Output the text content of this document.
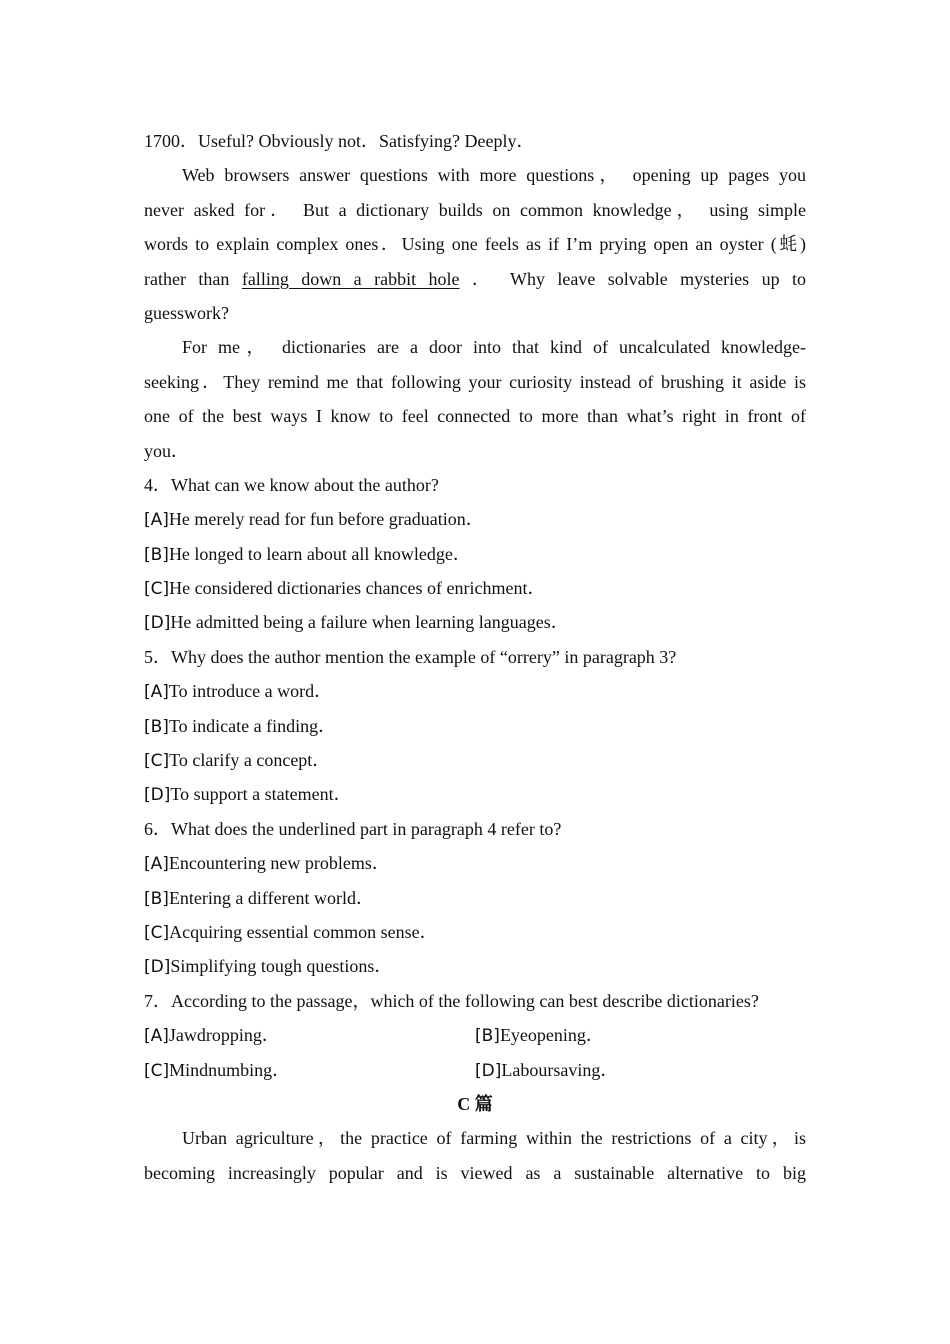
1700．Useful? Obviously not．Satisfying? Deeply．
Web browsers answer questions with more questions， opening up pages you
never asked for． But a dictionary builds on common knowledge， using simple
words to explain complex ones．Using one feels as if I’m prying open an oyster (蚝)
rather than falling down a rabbit hole ． Why leave solvable mysteries up to
guesswork?
For me， dictionaries are a door into that kind of uncalculated knowledge-
seeking．They remind me that following your curiosity instead of brushing it aside is
one of the best ways I know to feel connected to more than what’s right in front of
you．
4．What can we know about the author?
[A]He merely read for fun before graduation．
[B]He longed to learn about all knowledge．
[C]He considered dictionaries chances of enrichment．
[D]He admitted being a failure when learning languages．
5．Why does the author mention the example of “orrery” in paragraph 3?
[A]To introduce a word．
[B]To indicate a finding．
[C]To clarify a concept．
[D]To support a statement．
6．What does the underlined part in paragraph 4 refer to?
[A]Encountering new problems．
[B]Entering a different world．
[C]Acquiring essential common sense．
[D]Simplifying tough questions．
7．According to the passage，which of the following can best describe dictionaries?
[A]Jawdropping．	[B]Eyeopening．
[C]Mindnumbing．	[D]Laboursaving．
C 篇
Urban agriculture，the practice of farming within the restrictions of a city，is
becoming increasingly popular and is viewed as a sustainable alternative to big
